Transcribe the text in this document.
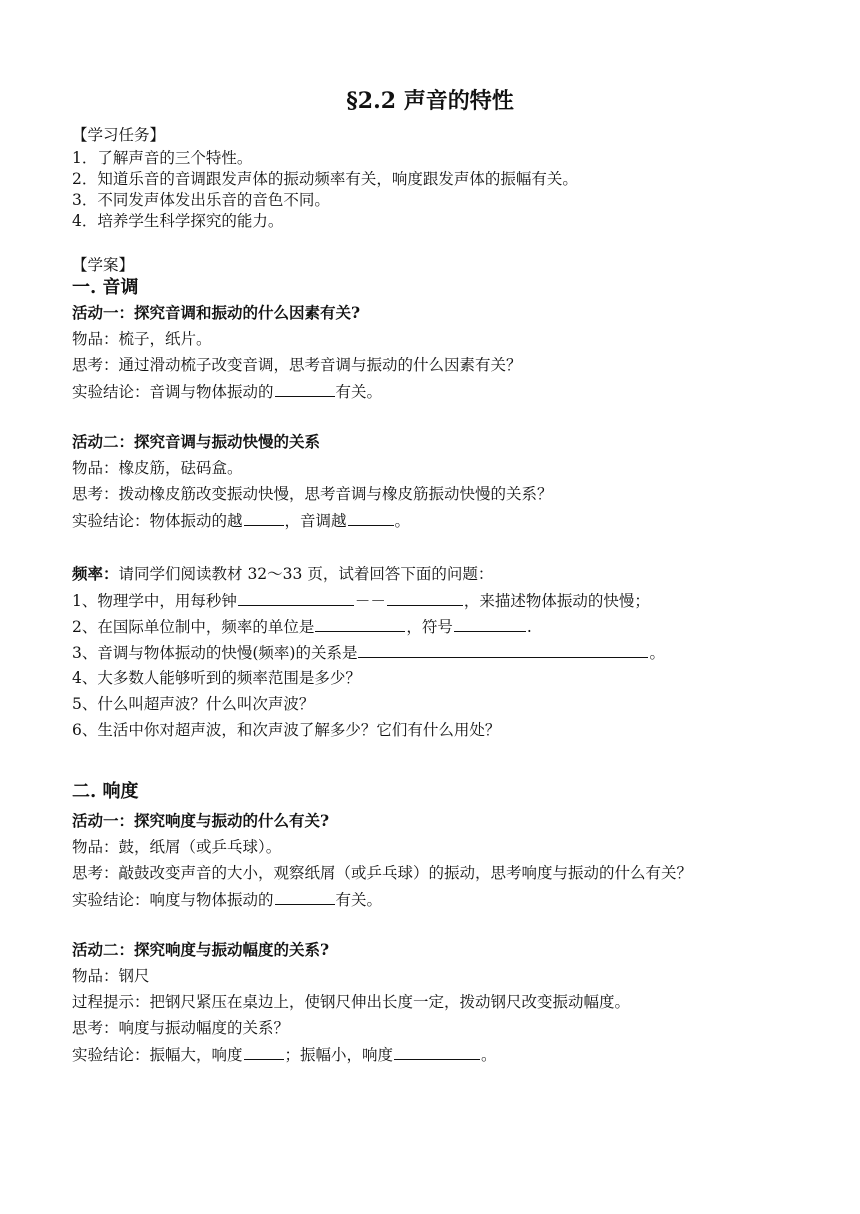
§2.2 声音的特性
【学习任务】
1．了解声音的三个特性。
2．知道乐音的音调跟发声体的振动频率有关，响度跟发声体的振幅有关。
3．不同发声体发出乐音的音色不同。
4．培养学生科学探究的能力。
【学案】
一. 音调
活动一：探究音调和振动的什么因素有关?
物品：梳子，纸片。
思考：通过滑动梳子改变音调，思考音调与振动的什么因素有关？
实验结论：音调与物体振动的	有关。
活动二：探究音调与振动快慢的关系
物品：橡皮筋，砝码盒。
思考：拨动橡皮筋改变振动快慢，思考音调与橡皮筋振动快慢的关系？
实验结论：物体振动的越	，音调越	。
频率：请同学们阅读教材 32～33 页，试着回答下面的问题：
1、物理学中，用每秒钟	－－	，来描述物体振动的快慢；
2、在国际单位制中，频率的单位是	，符号	.
3、音调与物体振动的快慢(频率)的关系是	。
4、大多数人能够听到的频率范围是多少？
5、什么叫超声波？什么叫次声波？
6、生活中你对超声波，和次声波了解多少？它们有什么用处？
二. 响度
活动一：探究响度与振动的什么有关?
物品：鼓，纸屑（或乒乓球）。
思考：敲鼓改变声音的大小，观察纸屑（或乒乓球）的振动，思考响度与振动的什么有关？
实验结论：响度与物体振动的	有关。
活动二：探究响度与振动幅度的关系?
物品：钢尺
过程提示：把钢尺紧压在桌边上，使钢尺伸出长度一定，拨动钢尺改变振动幅度。
思考：响度与振动幅度的关系？
实验结论：振幅大，响度	；振幅小，响度	。
